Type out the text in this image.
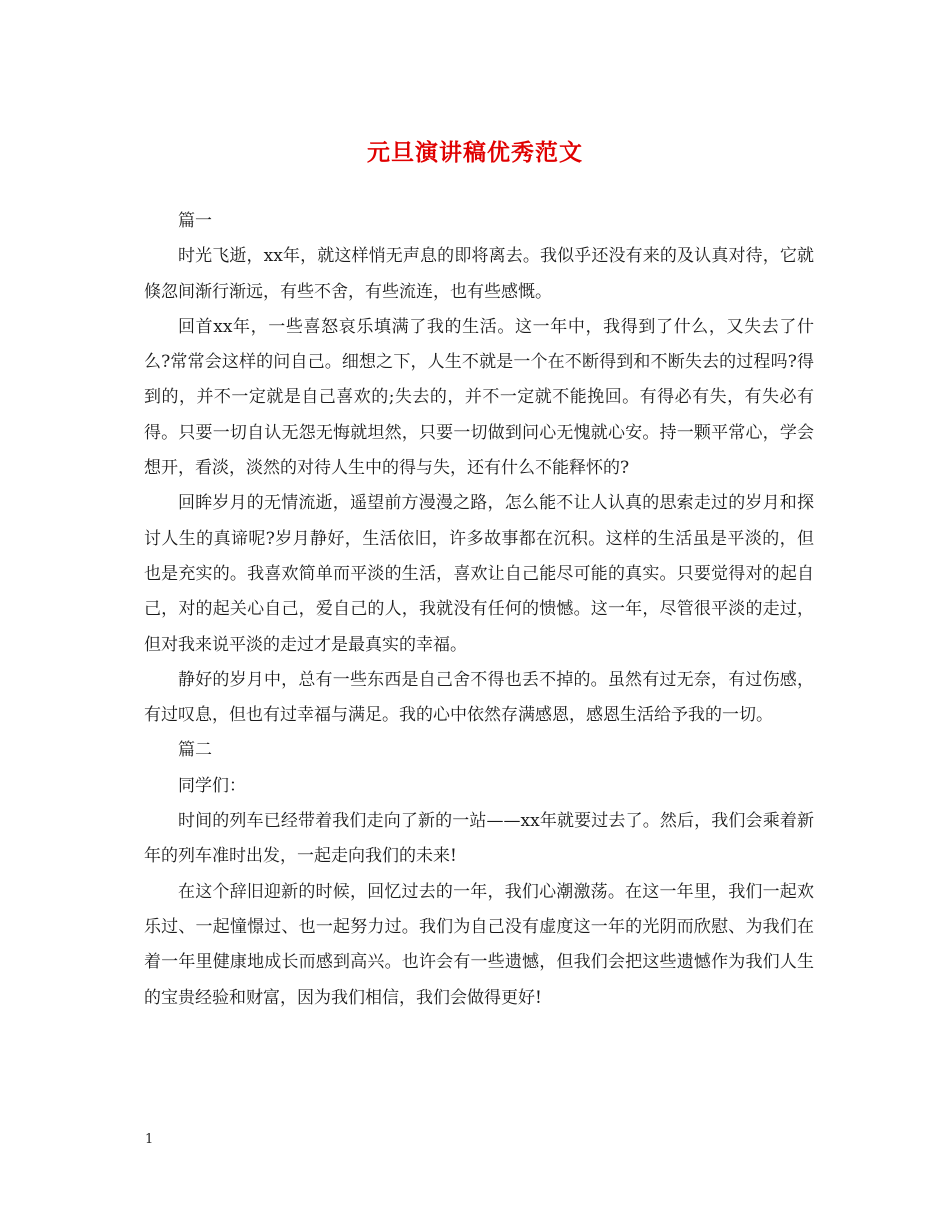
元旦演讲稿优秀范文

篇一

时光飞逝，xx年，就这样悄无声息的即将离去。我似乎还没有来的及认真对待，它就倏忽间渐行渐远，有些不舍，有些流连，也有些感慨。

回首xx年，一些喜怒哀乐填满了我的生活。这一年中，我得到了什么，又失去了什么?常常会这样的问自己。细想之下，人生不就是一个在不断得到和不断失去的过程吗?得到的，并不一定就是自己喜欢的;失去的，并不一定就不能挽回。有得必有失，有失必有得。只要一切自认无怨无悔就坦然，只要一切做到问心无愧就心安。持一颗平常心，学会想开，看淡，淡然的对待人生中的得与失，还有什么不能释怀的?

回眸岁月的无情流逝，遥望前方漫漫之路，怎么能不让人认真的思索走过的岁月和探讨人生的真谛呢?岁月静好，生活依旧，许多故事都在沉积。这样的生活虽是平淡的，但也是充实的。我喜欢简单而平淡的生活，喜欢让自己能尽可能的真实。只要觉得对的起自己，对的起关心自己，爱自己的人，我就没有任何的愦憾。这一年，尽管很平淡的走过，但对我来说平淡的走过才是最真实的幸福。

静好的岁月中，总有一些东西是自己舍不得也丢不掉的。虽然有过无奈，有过伤感，有过叹息，但也有过幸福与满足。我的心中依然存满感恩，感恩生活给予我的一切。

篇二

同学们：

时间的列车已经带着我们走向了新的一站——xx年就要过去了。然后，我们会乘着新年的列车准时出发，一起走向我们的未来!

在这个辞旧迎新的时候，回忆过去的一年，我们心潮激荡。在这一年里，我们一起欢乐过、一起憧憬过、也一起努力过。我们为自己没有虚度这一年的光阴而欣慰、为我们在着一年里健康地成长而感到高兴。也许会有一些遗憾，但我们会把这些遗憾作为我们人生的宝贵经验和财富，因为我们相信，我们会做得更好!

1
